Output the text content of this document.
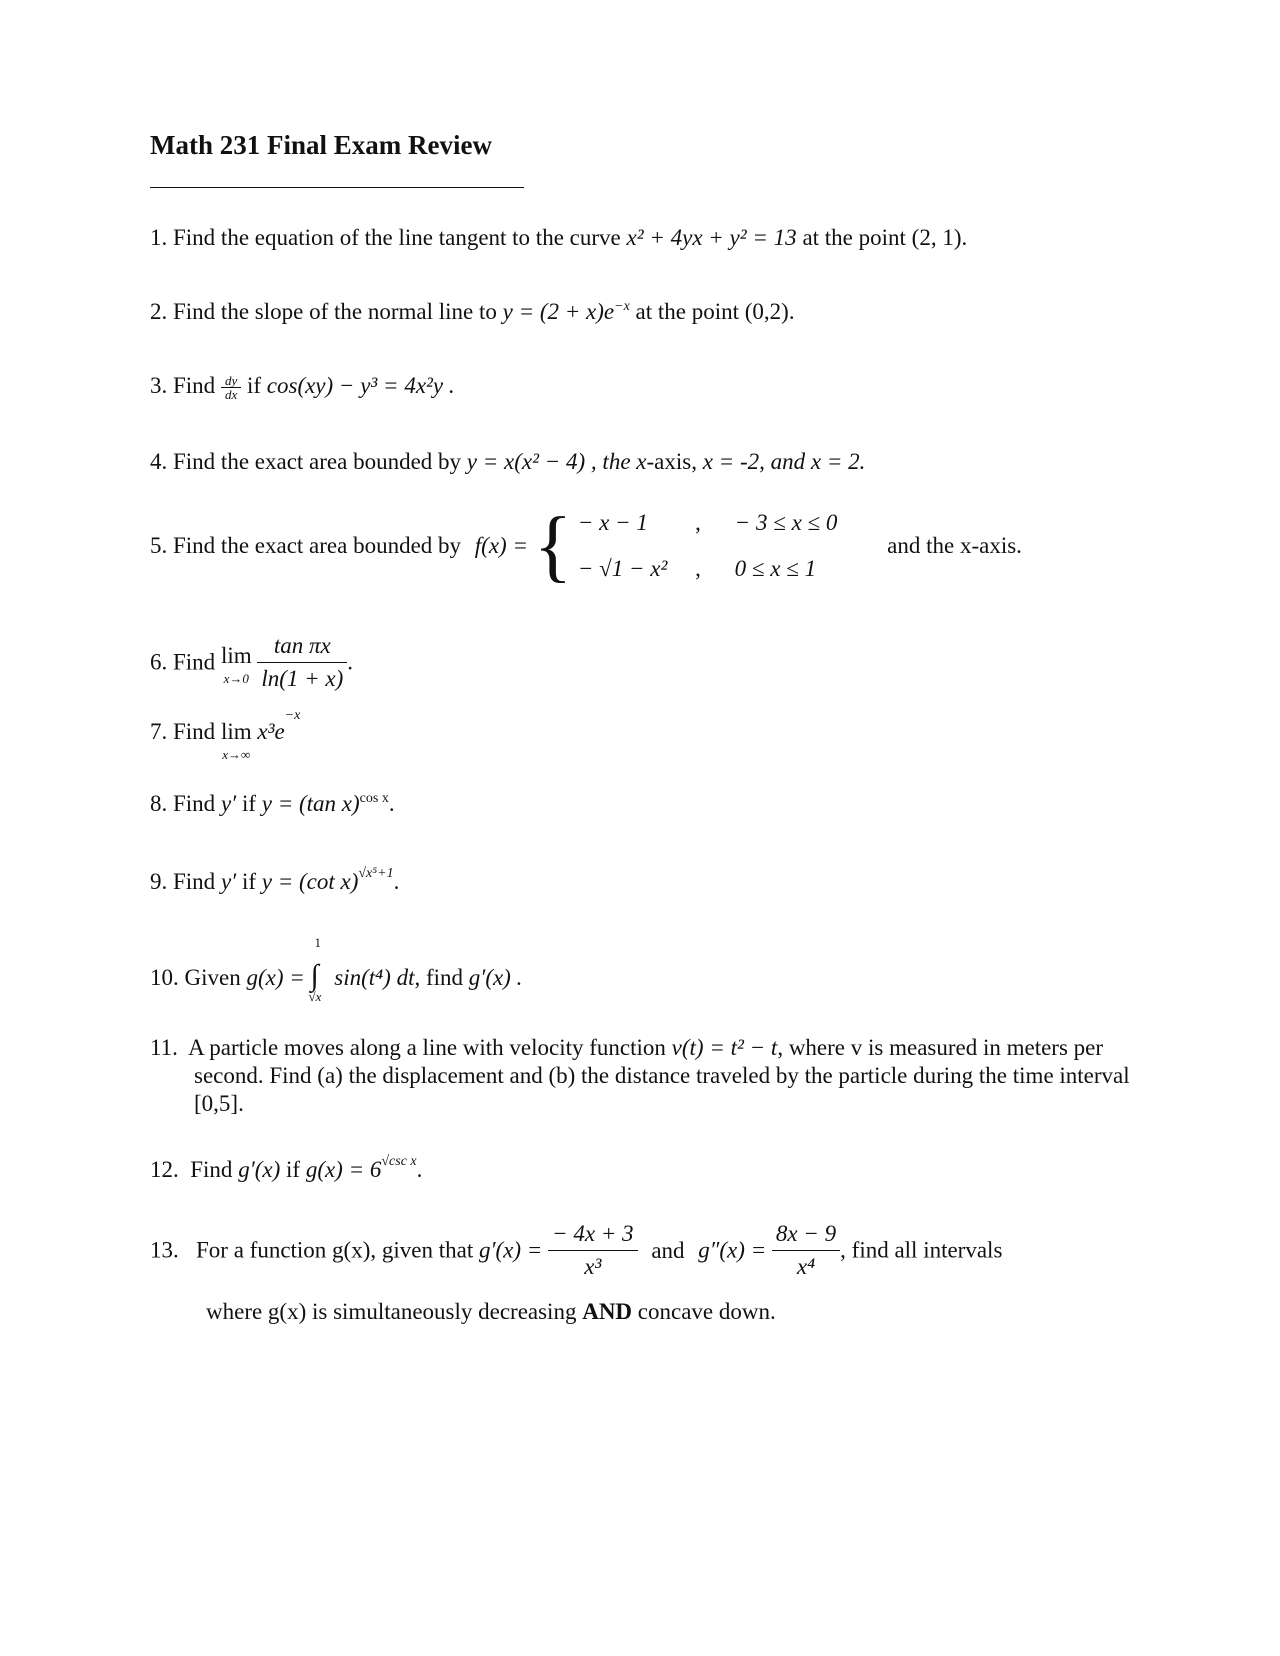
Math 231 Final Exam Review
1. Find the equation of the line tangent to the curve x² + 4yx + y² = 13 at the point (2, 1).
2. Find the slope of the normal line to $y = (2 + x)e^{-x}$ at the point (0,2).
3. Find $\frac{dy}{dx}$ if cos(xy) − y³ = 4x²y .
4. Find the exact area bounded by y = x(x² − 4) , the x-axis, x = -2, and x = 2.
5. Find the exact area bounded by f(x) = { − x − 1
− √1 − x²

,
,

− 3 ≤ x ≤ 0
0 ≤ x ≤ 1
and the x-axis.
6. Find lim
x→0
$\frac{\text{tan πx}}{\ln(1 + x)}$ .
7. Find lim
x→∞
$x^3e^{-x}$
8. Find y′ if y = (tan x)$^{cos x}$.
9. Find y′ if y = (cot x)$^{√x^5+1}$.
10. Given g(x) =
1
∫
√x
sin(t⁴) dt, find g′(x) .
11. A particle moves along a line with velocity function v(t) = t² − t, where v is measured in meters per second. Find (a) the displacement and (b) the distance traveled by the particle during the time interval [0,5].
12. Find g′(x) if $g(x) = 6^{√csc x}$.
13. For a function g(x), given that $g'(x) = \frac{- 4x + 3}{\text{x³}}$ and $g''(x) = \frac{8x - 9}{\text{x⁴}}$ , find all intervals
where g(x) is simultaneously decreasing AND concave down.
